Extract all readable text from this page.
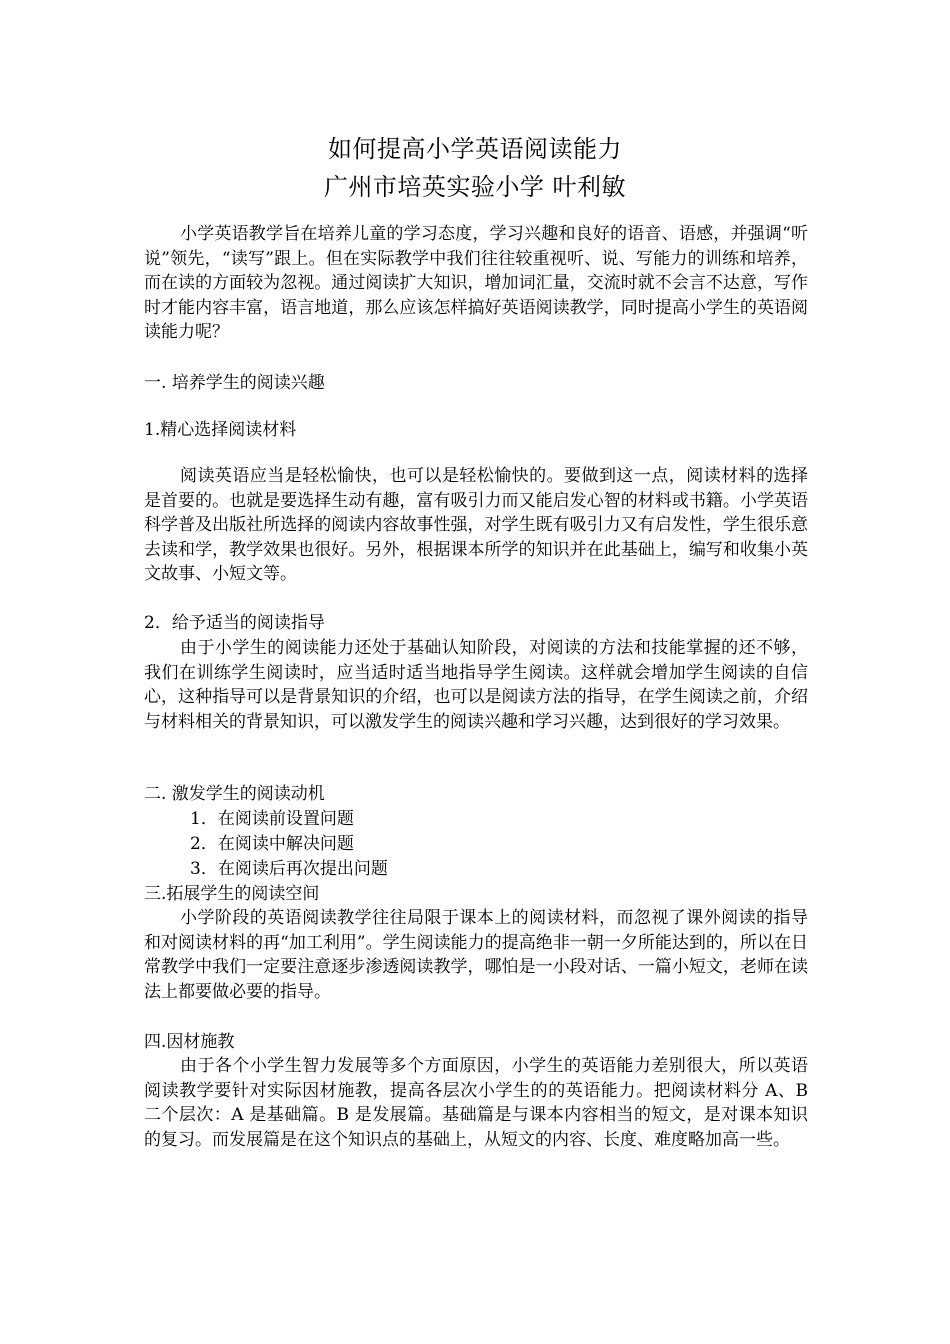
如何提高小学英语阅读能力
广州市培英实验小学 叶利敏

小学英语教学旨在培养儿童的学习态度，学习兴趣和良好的语音、语感，并强调“听说”领先，“读写”跟上。但在实际教学中我们往往较重视听、说、写能力的训练和培养，而在读的方面较为忽视。通过阅读扩大知识，增加词汇量，交流时就不会言不达意，写作时才能内容丰富，语言地道，那么应该怎样搞好英语阅读教学，同时提高小学生的英语阅读能力呢？

一. 培养学生的阅读兴趣

1.精心选择阅读材料

阅读英语应当是轻松愉快，也可以是轻松愉快的。要做到这一点，阅读材料的选择是首要的。也就是要选择生动有趣，富有吸引力而又能启发心智的材料或书籍。小学英语科学普及出版社所选择的阅读内容故事性强，对学生既有吸引力又有启发性，学生很乐意去读和学，教学效果也很好。另外，根据课本所学的知识并在此基础上，编写和收集小英文故事、小短文等。

2．给予适当的阅读指导

由于小学生的阅读能力还处于基础认知阶段，对阅读的方法和技能掌握的还不够，我们在训练学生阅读时，应当适时适当地指导学生阅读。这样就会增加学生阅读的自信心，这种指导可以是背景知识的介绍，也可以是阅读方法的指导，在学生阅读之前，介绍与材料相关的背景知识，可以激发学生的阅读兴趣和学习兴趣，达到很好的学习效果。

二. 激发学生的阅读动机

1．在阅读前设置问题

2．在阅读中解决问题

3．在阅读后再次提出问题

三.拓展学生的阅读空间

小学阶段的英语阅读教学往往局限于课本上的阅读材料，而忽视了课外阅读的指导和对阅读材料的再“加工利用”。学生阅读能力的提高绝非一朝一夕所能达到的，所以在日常教学中我们一定要注意逐步渗透阅读教学，哪怕是一小段对话、一篇小短文，老师在读法上都要做必要的指导。

四.因材施教

由于各个小学生智力发展等多个方面原因，小学生的英语能力差别很大，所以英语阅读教学要针对实际因材施教，提高各层次小学生的的英语能力。把阅读材料分 A、B 二个层次：A 是基础篇。B 是发展篇。基础篇是与课本内容相当的短文，是对课本知识的复习。而发展篇是在这个知识点的基础上，从短文的内容、长度、难度略加高一些。
